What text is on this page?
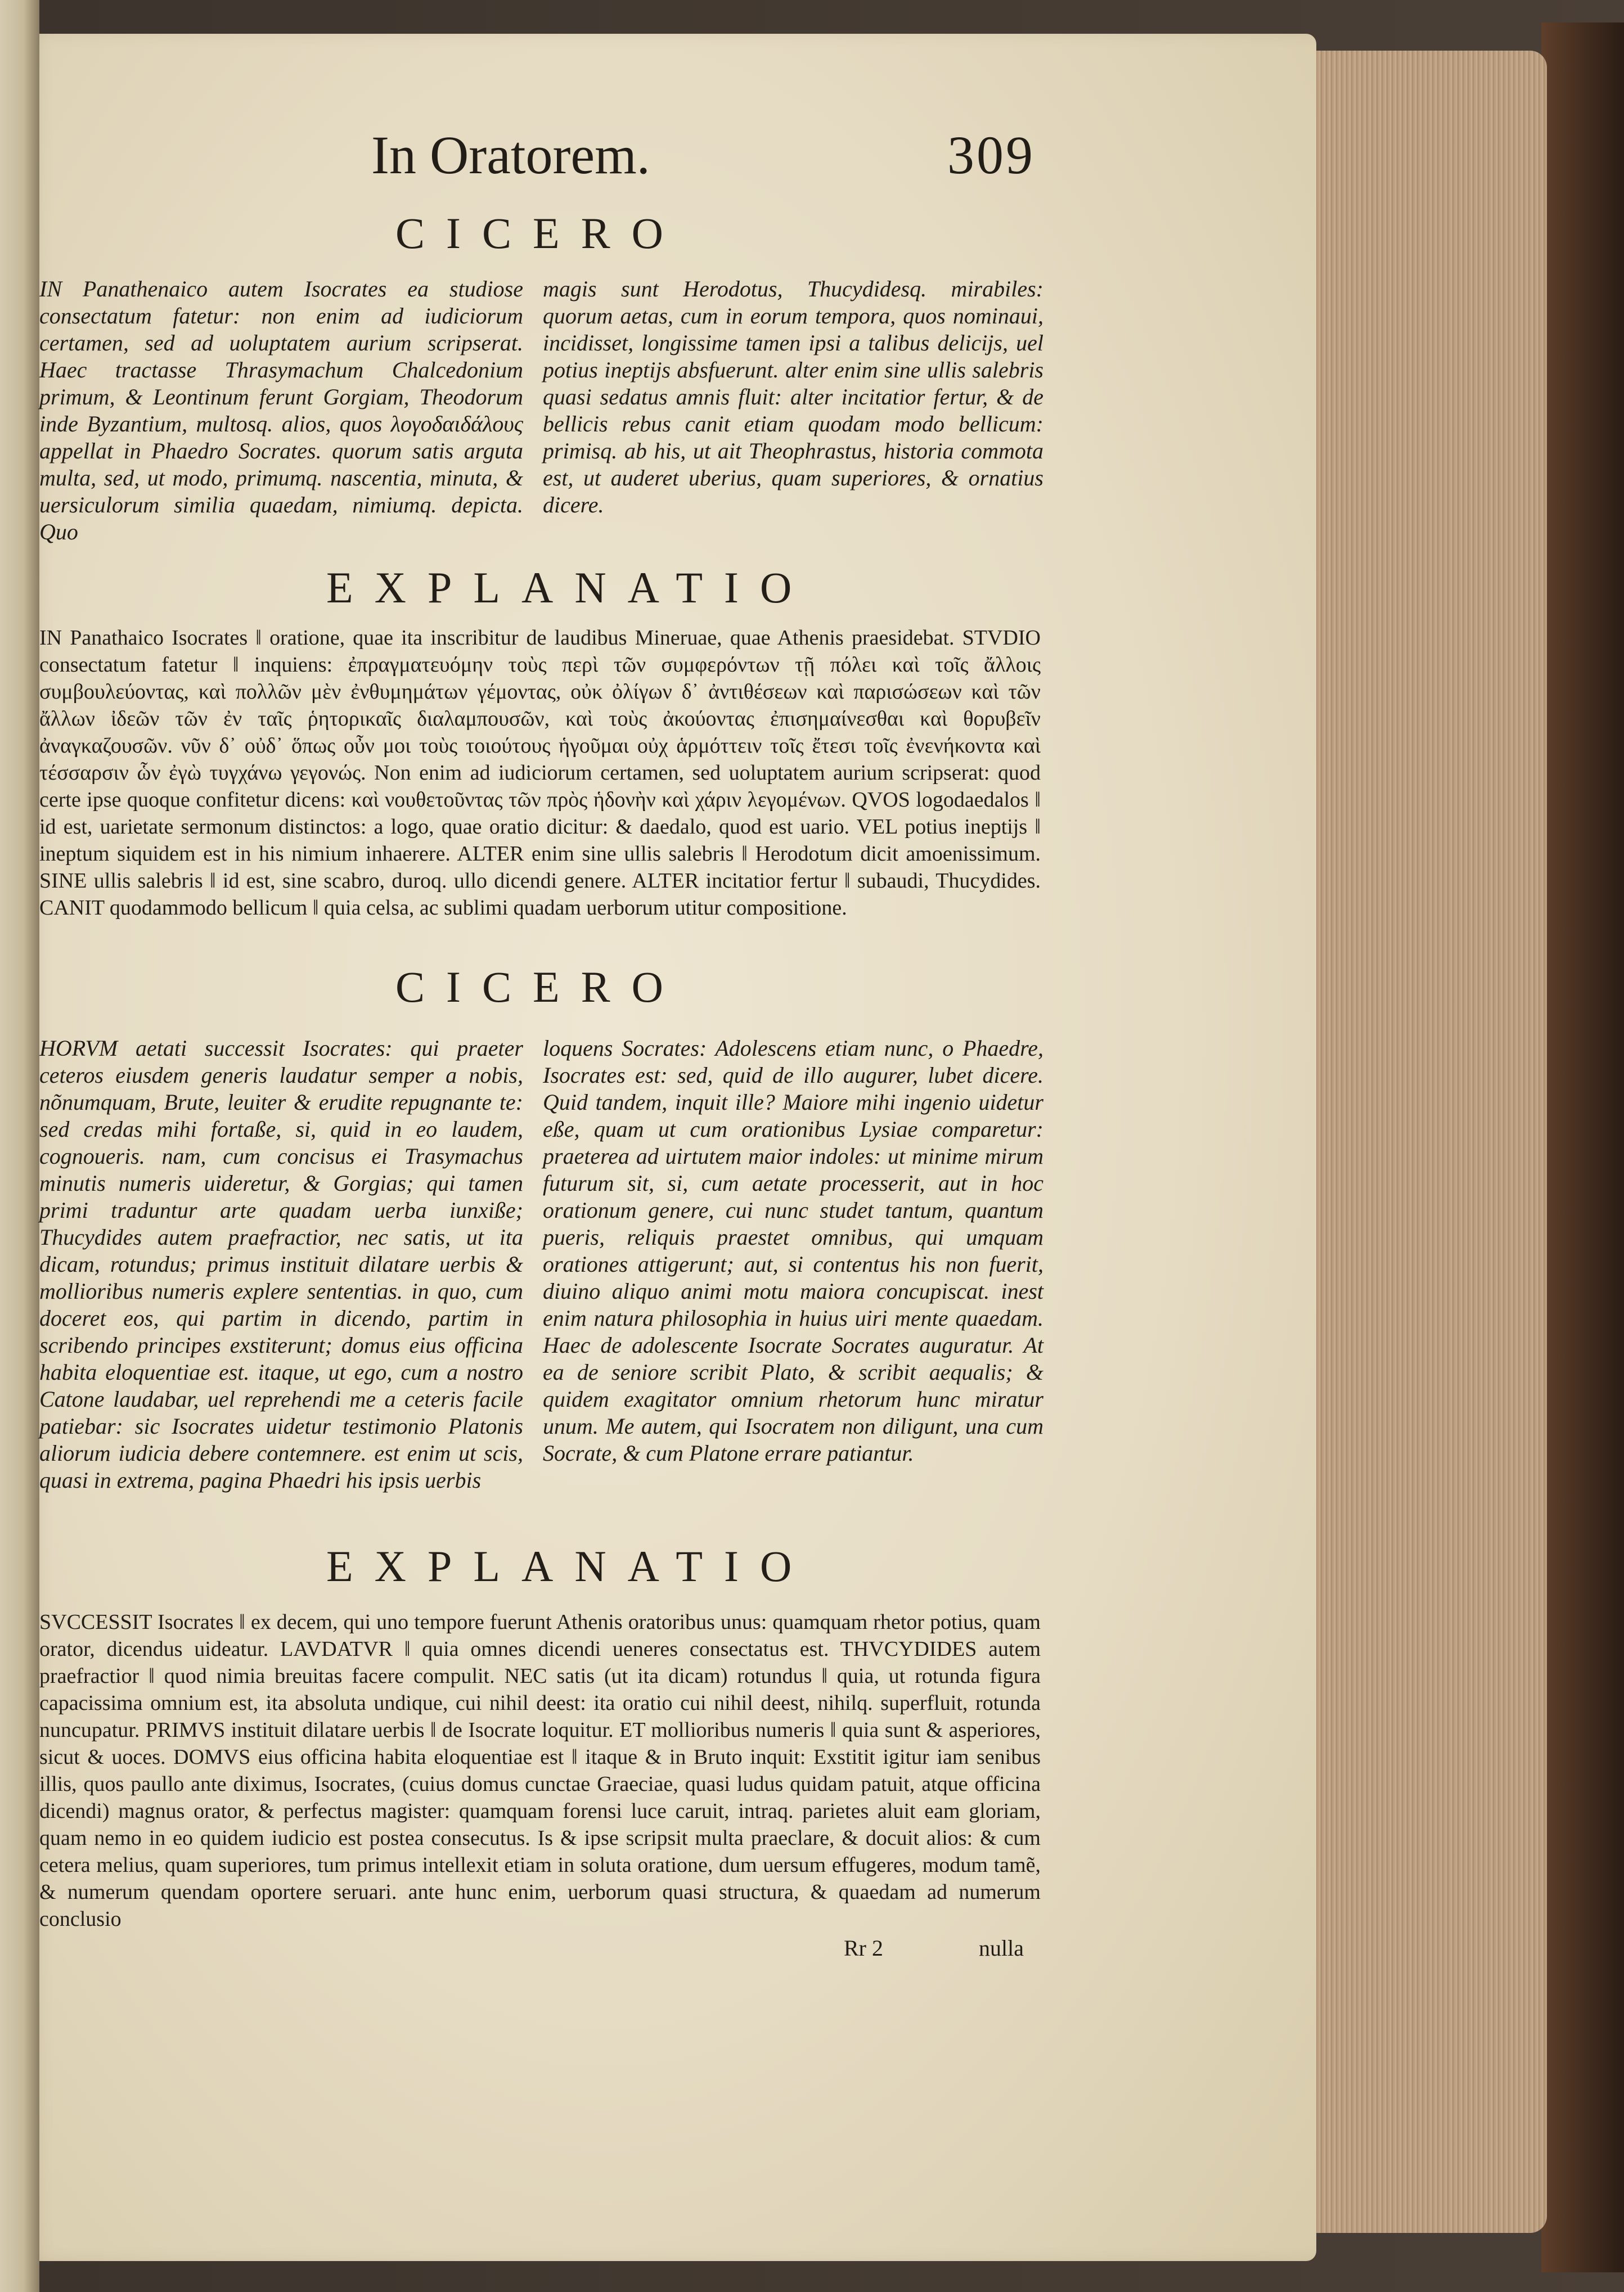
In Oratorem.	309
CICERO
IN Panathenaico autem Isocrates ea studiose consectatum fatetur: non enim ad iudiciorum certamen, sed ad uoluptatem aurium scripserat. Haec tractasse Thrasymachum Chalcedonium primum, & Leontinum ferunt Gorgiam, Theodorum inde Byzantium, multosq. alios, quos λογοδαιδάλους appellat in Phaedro Socrates. quorum satis arguta multa, sed, ut modo, primumq. nascentia, minuta, & uersiculorum similia quaedam, nimiumq. depicta. Quo
magis sunt Herodotus, Thucydidesq. mirabiles: quorum aetas, cum in eorum tempora, quos nominaui, incidisset, longissime tamen ipsi a talibus delicijs, uel potius ineptijs absfuerunt. alter enim sine ullis salebris quasi sedatus amnis fluit: alter incitatior fertur, & de bellicis rebus canit etiam quodam modo bellicum: primisq. ab his, ut ait Theophrastus, historia commota est, ut auderet uberius, quam superiores, & ornatius dicere.
EXPLANATIO
IN Panathaico Isocrates ǁ oratione, quae ita inscribitur de laudibus Mineruae, quae Athenis praesidebat. STVDIO consectatum fatetur ǁ inquiens: ἐπραγματευόμην τοὺς περὶ τῶν συμφερόντων τῇ πόλει καὶ τοῖς ἄλλοις συμβουλεύοντας, καὶ πολλῶν μὲν ἐνθυμημάτων γέμοντας, οὐκ ὀλίγων δ᾽ ἀντιθέσεων καὶ παρισώσεων καὶ τῶν ἄλλων ἰδεῶν τῶν ἐν ταῖς ῥητορικαῖς διαλαμπουσῶν, καὶ τοὺς ἀκούοντας ἐπισημαίνεσθαι καὶ θορυβεῖν ἀναγκαζουσῶν. νῦν δ᾽ οὐδ᾽ ὅπως οὖν μοι τοὺς τοιούτους ἡγοῦμαι οὐχ ἁρμόττειν τοῖς ἔτεσι τοῖς ἐνενήκοντα καὶ τέσσαρσιν ὧν ἐγὼ τυγχάνω γεγονώς. Non enim ad iudiciorum certamen, sed uoluptatem aurium scripserat: quod certe ipse quoque confitetur dicens: καὶ νουθετοῦντας τῶν πρὸς ἡδονὴν καὶ χάριν λεγομένων. QVOS logodaedalos ǁ id est, uarietate sermonum distinctos: a logo, quae oratio dicitur: & daedalo, quod est uario. VEL potius ineptijs ǁ ineptum siquidem est in his nimium inhaerere. ALTER enim sine ullis salebris ǁ Herodotum dicit amoenissimum. SINE ullis salebris ǁ id est, sine scabro, duroq. ullo dicendi genere. ALTER incitatior fertur ǁ subaudi, Thucydides. CANIT quodammodo bellicum ǁ quia celsa, ac sublimi quadam uerborum utitur compositione.
CICERO
HORVM aetati successit Isocrates: qui praeter ceteros eiusdem generis laudatur semper a nobis, nõnumquam, Brute, leuiter & erudite repugnante te: sed credas mihi fortaße, si, quid in eo laudem, cognoueris. nam, cum concisus ei Trasymachus minutis numeris uideretur, & Gorgias; qui tamen primi traduntur arte quadam uerba iunxiße; Thucydides autem praefractior, nec satis, ut ita dicam, rotundus; primus instituit dilatare uerbis & mollioribus numeris explere sententias. in quo, cum doceret eos, qui partim in dicendo, partim in scribendo principes exstiterunt; domus eius officina habita eloquentiae est. itaque, ut ego, cum a nostro Catone laudabar, uel reprehendi me a ceteris facile patiebar: sic Isocrates uidetur testimonio Platonis aliorum iudicia debere contemnere. est enim ut scis, quasi in extrema, pagina Phaedri his ipsis uerbis
loquens Socrates: Adolescens etiam nunc, o Phaedre, Isocrates est: sed, quid de illo augurer, lubet dicere. Quid tandem, inquit ille? Maiore mihi ingenio uidetur eße, quam ut cum orationibus Lysiae comparetur: praeterea ad uirtutem maior indoles: ut minime mirum futurum sit, si, cum aetate processerit, aut in hoc orationum genere, cui nunc studet tantum, quantum pueris, reliquis praestet omnibus, qui umquam orationes attigerunt; aut, si contentus his non fuerit, diuino aliquo animi motu maiora concupiscat. inest enim natura philosophia in huius uiri mente quaedam. Haec de adolescente Isocrate Socrates auguratur. At ea de seniore scribit Plato, & scribit aequalis; & quidem exagitator omnium rhetorum hunc miratur unum. Me autem, qui Isocratem non diligunt, una cum Socrate, & cum Platone errare patiantur.
EXPLANATIO
SVCCESSIT Isocrates ǁ ex decem, qui uno tempore fuerunt Athenis oratoribus unus: quamquam rhetor potius, quam orator, dicendus uideatur. LAVDATVR ǁ quia omnes dicendi ueneres consectatus est. THVCYDIDES autem praefractior ǁ quod nimia breuitas facere compulit. NEC satis (ut ita dicam) rotundus ǁ quia, ut rotunda figura capacissima omnium est, ita absoluta undique, cui nihil deest: ita oratio cui nihil deest, nihilq. superfluit, rotunda nuncupatur. PRIMVS instituit dilatare uerbis ǁ de Isocrate loquitur. ET mollioribus numeris ǁ quia sunt & asperiores, sicut & uoces. DOMVS eius officina habita eloquentiae est ǁ itaque & in Bruto inquit: Exstitit igitur iam senibus illis, quos paullo ante diximus, Isocrates, (cuius domus cunctae Graeciae, quasi ludus quidam patuit, atque officina dicendi) magnus orator, & perfectus magister: quamquam forensi luce caruit, intraq. parietes aluit eam gloriam, quam nemo in eo quidem iudicio est postea consecutus. Is & ipse scripsit multa praeclare, & docuit alios: & cum cetera melius, quam superiores, tum primus intellexit etiam in soluta oratione, dum uersum effugeres, modum tamẽ, & numerum quendam oportere seruari. ante hunc enim, uerborum quasi structura, & quaedam ad numerum conclusio
Rr 2	nulla
